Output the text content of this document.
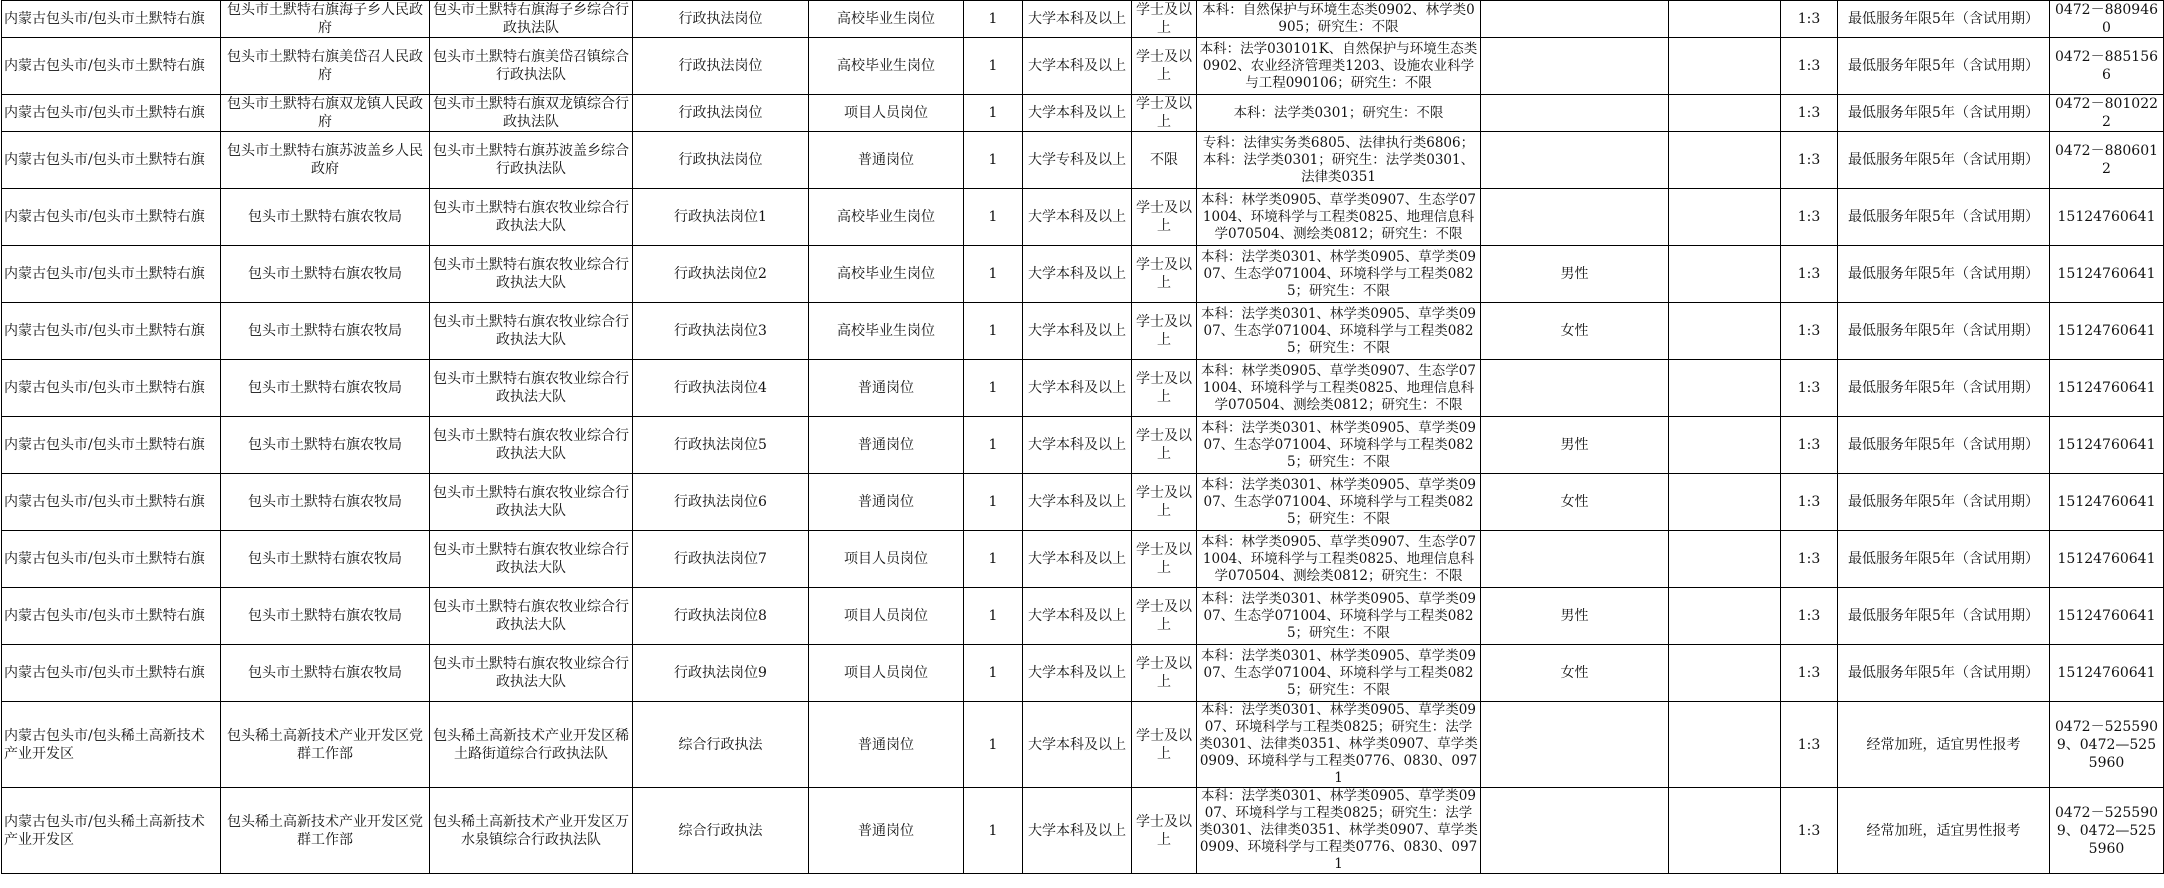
内蒙古包头市/包头市土默特右旗	包头市土默特右旗海子乡人民政府	包头市土默特右旗海子乡综合行政执法队	行政执法岗位	高校毕业生岗位	1	大学本科及以上	学士及以上	本科：自然保护与环境生态类0902、林学类0905；研究生：不限			1:3	最低服务年限5年（含试用期）	0472－8809460
内蒙古包头市/包头市土默特右旗	包头市土默特右旗美岱召人民政府	包头市土默特右旗美岱召镇综合行政执法队	行政执法岗位	高校毕业生岗位	1	大学本科及以上	学士及以上	本科：法学030101K、自然保护与环境生态类0902、农业经济管理类1203、设施农业科学与工程090106；研究生：不限			1:3	最低服务年限5年（含试用期）	0472－8851566
内蒙古包头市/包头市土默特右旗	包头市土默特右旗双龙镇人民政府	包头市土默特右旗双龙镇综合行政执法队	行政执法岗位	项目人员岗位	1	大学本科及以上	学士及以上	本科：法学类0301；研究生：不限			1:3	最低服务年限5年（含试用期）	0472－8010222
内蒙古包头市/包头市土默特右旗	包头市土默特右旗苏波盖乡人民政府	包头市土默特右旗苏波盖乡综合行政执法队	行政执法岗位	普通岗位	1	大学专科及以上	不限	专科：法律实务类6805、法律执行类6806；本科：法学类0301；研究生：法学类0301、法律类0351			1:3	最低服务年限5年（含试用期）	0472－8806012
内蒙古包头市/包头市土默特右旗	包头市土默特右旗农牧局	包头市土默特右旗农牧业综合行政执法大队	行政执法岗位1	高校毕业生岗位	1	大学本科及以上	学士及以上	本科：林学类0905、草学类0907、生态学071004、环境科学与工程类0825、地理信息科学070504、测绘类0812；研究生：不限			1:3	最低服务年限5年（含试用期）	15124760641
内蒙古包头市/包头市土默特右旗	包头市土默特右旗农牧局	包头市土默特右旗农牧业综合行政执法大队	行政执法岗位2	高校毕业生岗位	1	大学本科及以上	学士及以上	本科：法学类0301、林学类0905、草学类0907、生态学071004、环境科学与工程类0825；研究生：不限	男性		1:3	最低服务年限5年（含试用期）	15124760641
内蒙古包头市/包头市土默特右旗	包头市土默特右旗农牧局	包头市土默特右旗农牧业综合行政执法大队	行政执法岗位3	高校毕业生岗位	1	大学本科及以上	学士及以上	本科：法学类0301、林学类0905、草学类0907、生态学071004、环境科学与工程类0825；研究生：不限	女性		1:3	最低服务年限5年（含试用期）	15124760641
内蒙古包头市/包头市土默特右旗	包头市土默特右旗农牧局	包头市土默特右旗农牧业综合行政执法大队	行政执法岗位4	普通岗位	1	大学本科及以上	学士及以上	本科：林学类0905、草学类0907、生态学071004、环境科学与工程类0825、地理信息科学070504、测绘类0812；研究生：不限			1:3	最低服务年限5年（含试用期）	15124760641
内蒙古包头市/包头市土默特右旗	包头市土默特右旗农牧局	包头市土默特右旗农牧业综合行政执法大队	行政执法岗位5	普通岗位	1	大学本科及以上	学士及以上	本科：法学类0301、林学类0905、草学类0907、生态学071004、环境科学与工程类0825；研究生：不限	男性		1:3	最低服务年限5年（含试用期）	15124760641
内蒙古包头市/包头市土默特右旗	包头市土默特右旗农牧局	包头市土默特右旗农牧业综合行政执法大队	行政执法岗位6	普通岗位	1	大学本科及以上	学士及以上	本科：法学类0301、林学类0905、草学类0907、生态学071004、环境科学与工程类0825；研究生：不限	女性		1:3	最低服务年限5年（含试用期）	15124760641
内蒙古包头市/包头市土默特右旗	包头市土默特右旗农牧局	包头市土默特右旗农牧业综合行政执法大队	行政执法岗位7	项目人员岗位	1	大学本科及以上	学士及以上	本科：林学类0905、草学类0907、生态学071004、环境科学与工程类0825、地理信息科学070504、测绘类0812；研究生：不限			1:3	最低服务年限5年（含试用期）	15124760641
内蒙古包头市/包头市土默特右旗	包头市土默特右旗农牧局	包头市土默特右旗农牧业综合行政执法大队	行政执法岗位8	项目人员岗位	1	大学本科及以上	学士及以上	本科：法学类0301、林学类0905、草学类0907、生态学071004、环境科学与工程类0825；研究生：不限	男性		1:3	最低服务年限5年（含试用期）	15124760641
内蒙古包头市/包头市土默特右旗	包头市土默特右旗农牧局	包头市土默特右旗农牧业综合行政执法大队	行政执法岗位9	项目人员岗位	1	大学本科及以上	学士及以上	本科：法学类0301、林学类0905、草学类0907、生态学071004、环境科学与工程类0825；研究生：不限	女性		1:3	最低服务年限5年（含试用期）	15124760641
内蒙古包头市/包头稀土高新技术产业开发区	包头稀土高新技术产业开发区党群工作部	包头稀土高新技术产业开发区稀土路街道综合行政执法队	综合行政执法	普通岗位	1	大学本科及以上	学士及以上	本科：法学类0301、林学类0905、草学类0907、环境科学与工程类0825；研究生：法学类0301、法律类0351、林学类0907、草学类0909、环境科学与工程类0776、0830、0971			1:3	经常加班，适宜男性报考	0472－5255909、0472—5255960
内蒙古包头市/包头稀土高新技术产业开发区	包头稀土高新技术产业开发区党群工作部	包头稀土高新技术产业开发区万水泉镇综合行政执法队	综合行政执法	普通岗位	1	大学本科及以上	学士及以上	本科：法学类0301、林学类0905、草学类0907、环境科学与工程类0825；研究生：法学类0301、法律类0351、林学类0907、草学类0909、环境科学与工程类0776、0830、0971			1:3	经常加班，适宜男性报考	0472－5255909、0472—5255960
